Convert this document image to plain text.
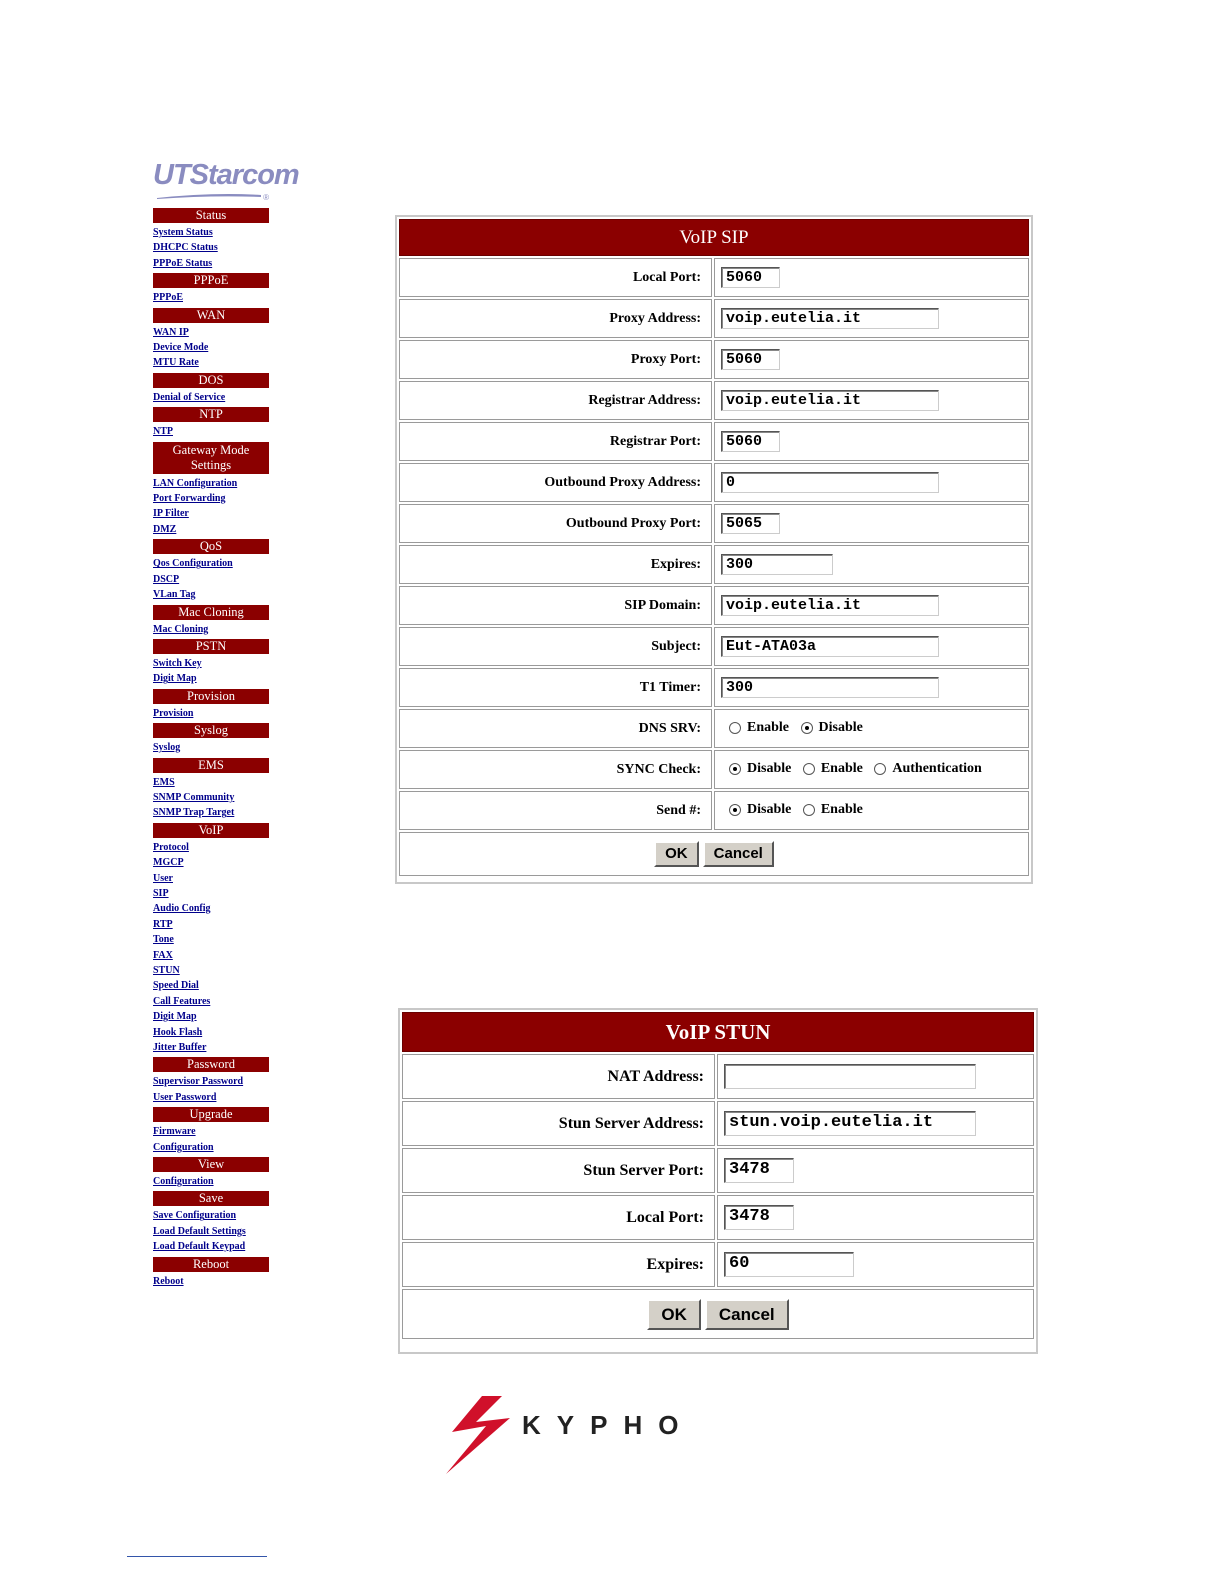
UTStarcom
®
Status
System Status
DHCPC Status
PPPoE Status
PPPoE
PPPoE
WAN
WAN IP
Device Mode
MTU Rate
DOS
Denial of Service
NTP
NTP
Gateway Mode Settings
LAN Configuration
Port Forwarding
IP Filter
DMZ
QoS
Qos Configuration
DSCP
VLan Tag
Mac Cloning
Mac Cloning
PSTN
Switch Key
Digit Map
Provision
Provision
Syslog
Syslog
EMS
EMS
SNMP Community
SNMP Trap Target
VoIP
Protocol
MGCP
User
SIP
Audio Config
RTP
Tone
FAX
STUN
Speed Dial
Call Features
Digit Map
Hook Flash
Jitter Buffer
Password
Supervisor Password
User Password
Upgrade
Firmware
Configuration
View
Configuration
Save
Save Configuration
Load Default Settings
Load Default Keypad
Reboot
Reboot
VoIP SIP	
Local Port:	5060
Proxy Address:	voip.eutelia.it
Proxy Port:	5060
Registrar Address:	voip.eutelia.it
Registrar Port:	5060
Outbound Proxy Address:	0
Outbound Proxy Port:	5065
Expires:	300
SIP Domain:	voip.eutelia.it
Subject:	Eut-ATA03a
T1 Timer:	300
DNS SRV:	Enable Disable
SYNC Check:	Disable Enable Authentication
Send #:	Disable Enable
OK Cancel	
VoIP STUN	
NAT Address:	
Stun Server Address:	stun.voip.eutelia.it
Stun Server Port:	3478
Local Port:	3478
Expires:	60
OK Cancel	
KYPHO
